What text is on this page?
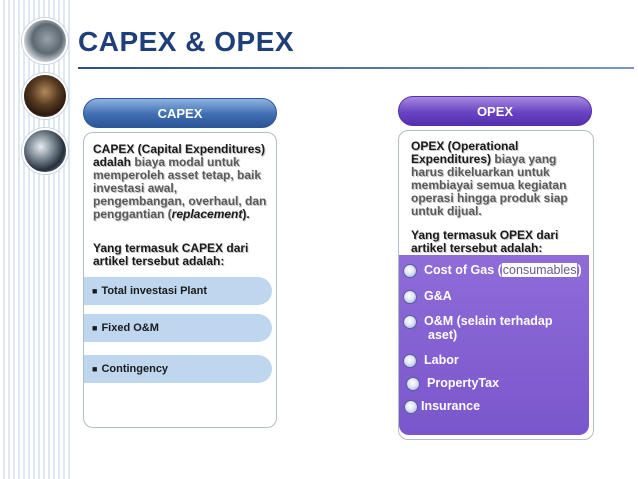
CAPEX & OPEX
CAPEX
CAPEX (Capital Expenditures) adalah biaya modal untuk memperoleh asset tetap, baik investasi awal, pengembangan, overhaul, dan penggantian (replacement).
Yang termasuk CAPEX dari artikel tersebut adalah:
■ Total investasi Plant
■ Fixed O&M
■ Contingency
OPEX
OPEX (Operational Expenditures) biaya yang harus dikeluarkan untuk membiayai semua kegiatan operasi hingga produk siap untuk dijual.
Yang termasuk OPEX dari artikel tersebut adalah:
Cost of Gas (consumables)
G&A
O&M (selain terhadap
aset)
Labor
PropertyTax
Insurance
